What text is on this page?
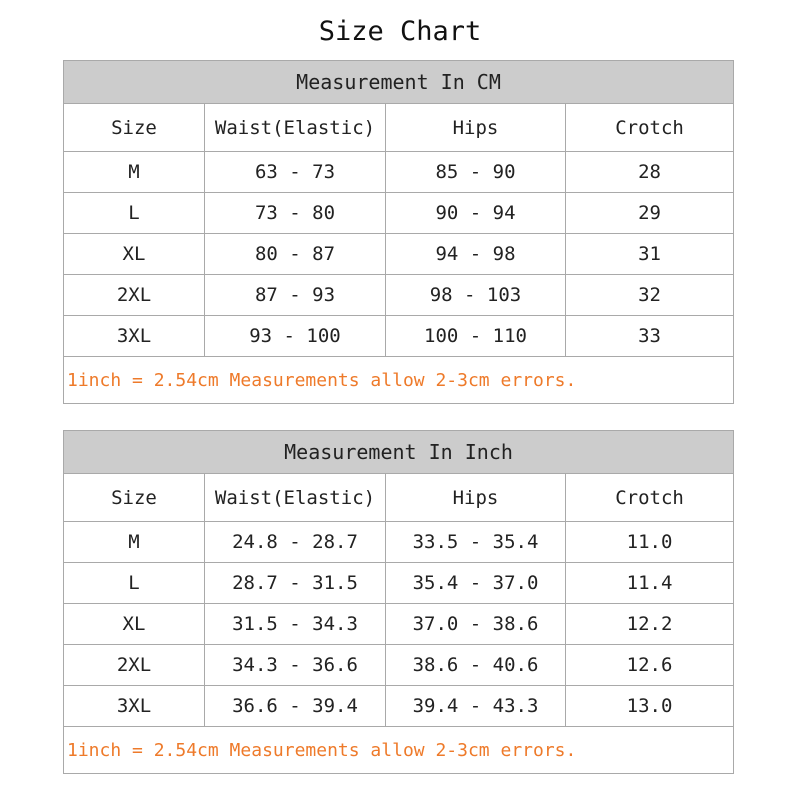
Size Chart
Measurement In CM			
Size	Waist(Elastic)	Hips	Crotch
M	63 - 73	85 - 90	28
L	73 - 80	90 - 94	29
XL	80 - 87	94 - 98	31
2XL	87 - 93	98 - 103	32
3XL	93 - 100	100 - 110	33
1inch = 2.54cm Measurements allow 2-3cm errors.			
Measurement In Inch			
Size	Waist(Elastic)	Hips	Crotch
M	24.8 - 28.7	33.5 - 35.4	11.0
L	28.7 - 31.5	35.4 - 37.0	11.4
XL	31.5 - 34.3	37.0 - 38.6	12.2
2XL	34.3 - 36.6	38.6 - 40.6	12.6
3XL	36.6 - 39.4	39.4 - 43.3	13.0
1inch = 2.54cm Measurements allow 2-3cm errors.			
